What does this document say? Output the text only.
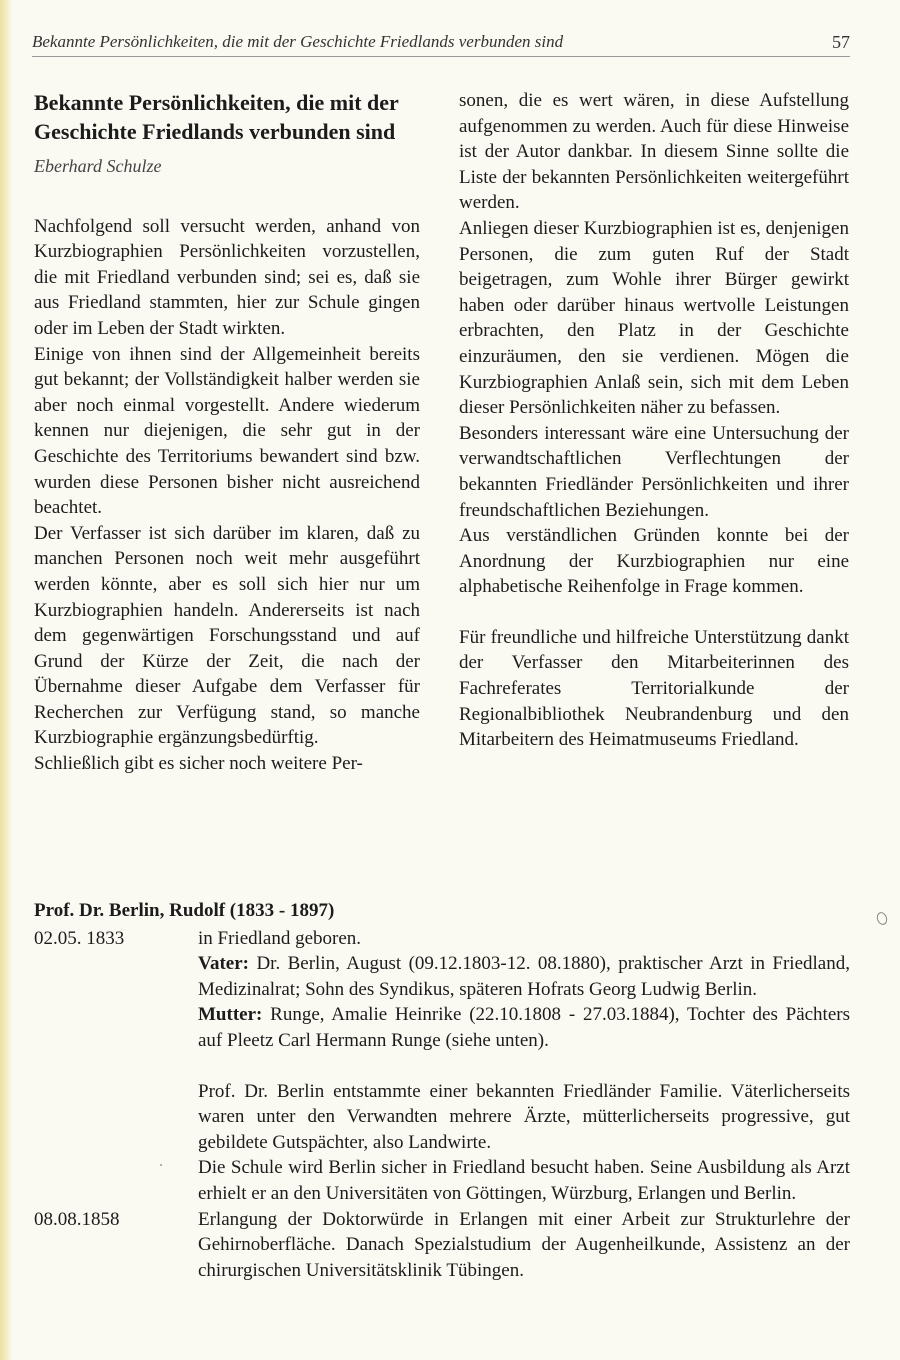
Bekannte Persönlichkeiten, die mit der Geschichte Friedlands verbunden sind	57
Bekannte Persönlichkeiten, die mit der Geschichte Friedlands verbunden sind
Eberhard Schulze

Nachfolgend soll versucht werden, anhand von Kurzbiographien Persönlichkeiten vorzustellen, die mit Friedland verbunden sind; sei es, daß sie aus Friedland stammten, hier zur Schule gingen oder im Leben der Stadt wirkten.

Einige von ihnen sind der Allgemeinheit bereits gut bekannt; der Vollständigkeit halber werden sie aber noch einmal vorgestellt. Andere wiederum kennen nur diejenigen, die sehr gut in der Geschichte des Territoriums bewandert sind bzw. wurden diese Personen bisher nicht ausreichend beachtet.

Der Verfasser ist sich darüber im klaren, daß zu manchen Personen noch weit mehr ausgeführt werden könnte, aber es soll sich hier nur um Kurzbiographien handeln. Andererseits ist nach dem gegenwärtigen Forschungsstand und auf Grund der Kürze der Zeit, die nach der Übernahme dieser Aufgabe dem Verfasser für Recherchen zur Verfügung stand, so manche Kurzbiographie ergänzungsbedürftig.

Schließlich gibt es sicher noch weitere Per-

sonen, die es wert wären, in diese Aufstellung aufgenommen zu werden. Auch für diese Hinweise ist der Autor dankbar. In diesem Sinne sollte die Liste der bekannten Persönlichkeiten weitergeführt werden.

Anliegen dieser Kurzbiographien ist es, denjenigen Personen, die zum guten Ruf der Stadt beigetragen, zum Wohle ihrer Bürger gewirkt haben oder darüber hinaus wertvolle Leistungen erbrachten, den Platz in der Geschichte einzuräumen, den sie verdienen. Mögen die Kurzbiographien Anlaß sein, sich mit dem Leben dieser Persönlichkeiten näher zu befassen.

Besonders interessant wäre eine Untersuchung der verwandtschaftlichen Verflechtungen der bekannten Friedländer Persönlichkeiten und ihrer freundschaftlichen Beziehungen.

Aus verständlichen Gründen konnte bei der Anordnung der Kurzbiographien nur eine alphabetische Reihenfolge in Frage kommen.

Für freundliche und hilfreiche Unterstützung dankt der Verfasser den Mitarbeiterinnen des Fachreferates Territorialkunde der Regionalbibliothek Neubrandenburg und den Mitarbeitern des Heimatmuseums Friedland.

Prof. Dr. Berlin, Rudolf (1833 - 1897)
02.05. 1833	in Friedland geboren.

Vater: Dr. Berlin, August (09.12.1803-12. 08.1880), praktischer Arzt in Friedland, Medizinalrat; Sohn des Syndikus, späteren Hofrats Georg Ludwig Berlin.

Mutter: Runge, Amalie Heinrike (22.10.1808 - 27.03.1884), Tochter des Pächters auf Pleetz Carl Hermann Runge (siehe unten).

Prof. Dr. Berlin entstammte einer bekannten Friedländer Familie. Väterlicherseits waren unter den Verwandten mehrere Ärzte, mütterlicherseits progressive, gut gebildete Gutspächter, also Landwirte.

Die Schule wird Berlin sicher in Friedland besucht haben. Seine Ausbildung als Arzt erhielt er an den Universitäten von Göttingen, Würzburg, Erlangen und Berlin.

08.08.1858	Erlangung der Doktorwürde in Erlangen mit einer Arbeit zur Strukturlehre der Gehirnoberfläche. Danach Spezialstudium der Augenheilkunde, Assistenz an der chirurgischen Universitätsklinik Tübingen.
